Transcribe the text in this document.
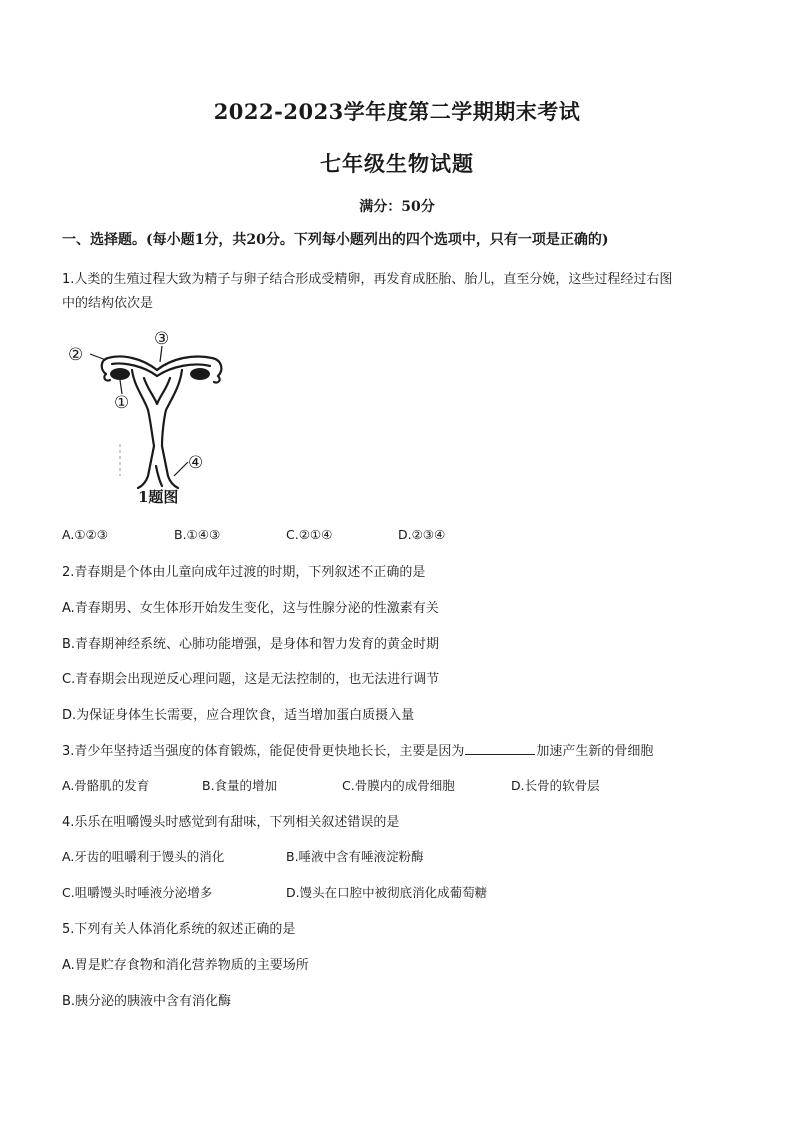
2022-2023学年度第二学期期末考试
七年级生物试题
满分：50分
一、选择题。(每小题1分，共20分。下列每小题列出的四个选项中，只有一项是正确的)
1.人类的生殖过程大致为精子与卵子结合形成受精卵，再发育成胚胎、胎儿，直至分娩，这些过程经过右图
中的结构依次是
②
③
①
④
1题图
A.①②③	B.①④③	C.②①④	D.②③④
2.青春期是个体由儿童向成年过渡的时期，下列叙述不正确的是
A.青春期男、女生体形开始发生变化，这与性腺分泌的性激素有关
B.青春期神经系统、心肺功能增强，是身体和智力发育的黄金时期
C.青春期会出现逆反心理问题，这是无法控制的，也无法进行调节
D.为保证身体生长需要，应合理饮食，适当增加蛋白质摄入量
3.青少年坚持适当强度的体育锻炼，能促使骨更快地长长，主要是因为	加速产生新的骨细胞
A.骨骼肌的发育	B.食量的增加	C.骨膜内的成骨细胞	D.长骨的软骨层
4.乐乐在咀嚼馒头时感觉到有甜味，下列相关叙述错误的是
A.牙齿的咀嚼利于馒头的消化	B.唾液中含有唾液淀粉酶
C.咀嚼馒头时唾液分泌增多	D.馒头在口腔中被彻底消化成葡萄糖
5.下列有关人体消化系统的叙述正确的是
A.胃是贮存食物和消化营养物质的主要场所
B.胰分泌的胰液中含有消化酶
